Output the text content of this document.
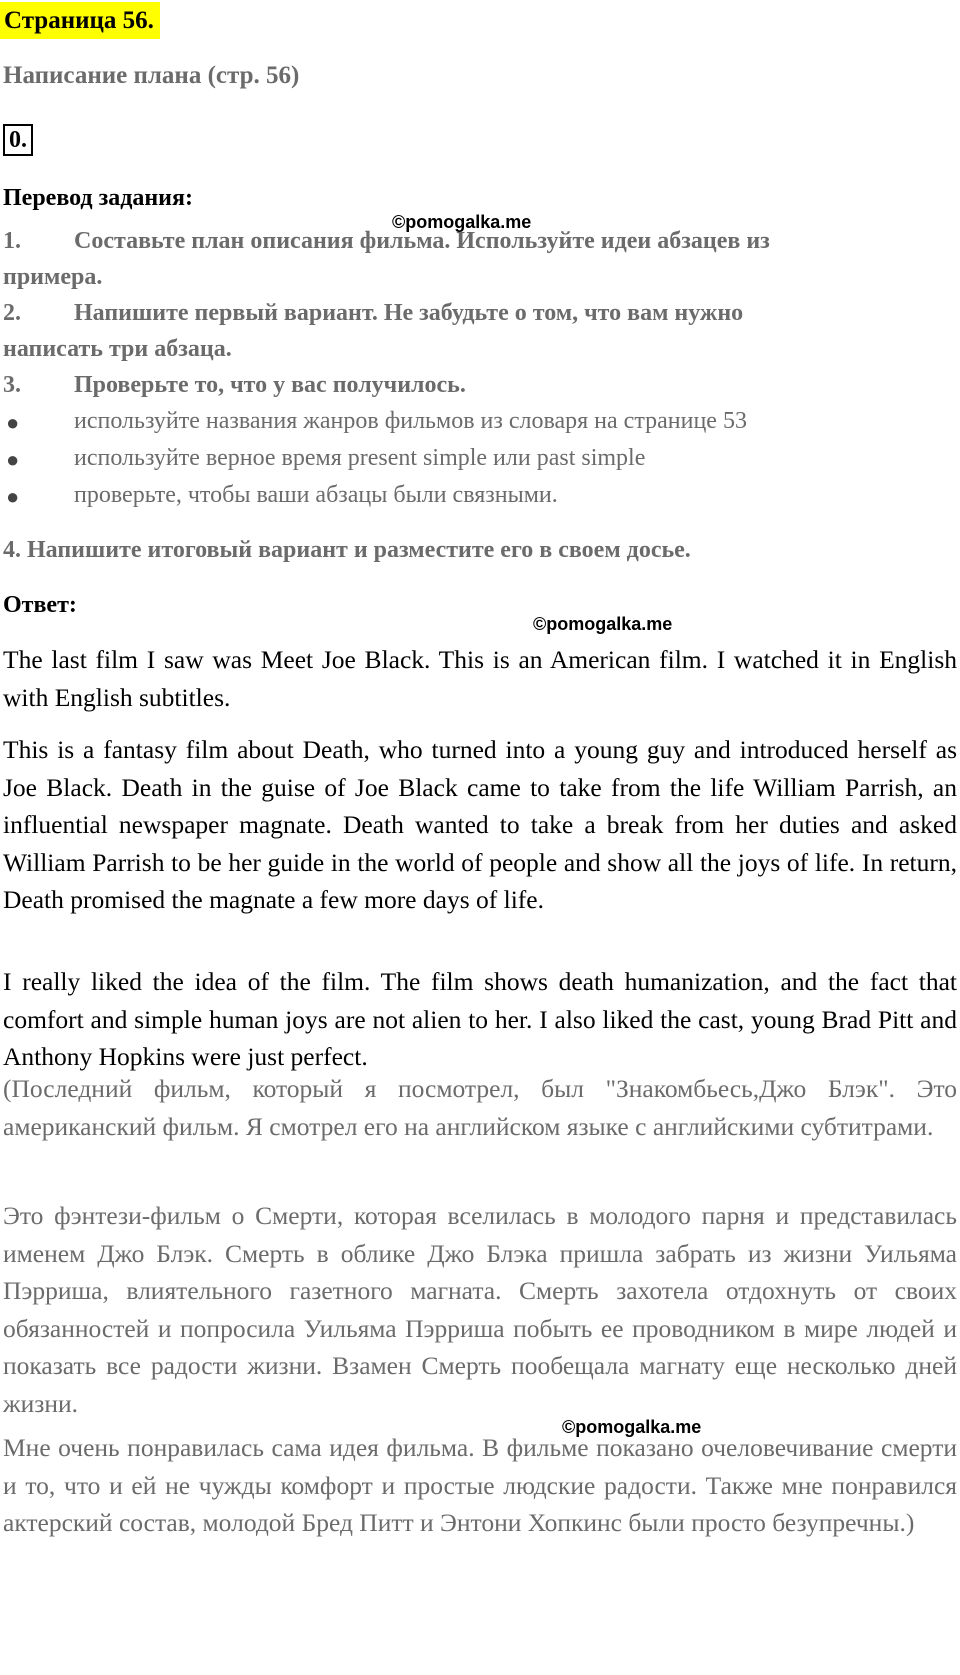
Страница 56.
Написание плана (стр. 56)
0.
Перевод задания:
©pomogalka.me
1. Составьте план описания фильма. Используйте идеи абзацев из
примера.
2. Напишите первый вариант. Не забудьте о том, что вам нужно
написать три абзаца.
3. Проверьте то, что у вас получилось.
● используйте названия жанров фильмов из словаря на странице 53
● используйте верное время present simple или past simple
● проверьте, чтобы ваши абзацы были связными.
4. Напишите итоговый вариант и разместите его в своем досье.
Ответ:
©pomogalka.me

The last film I saw was Meet Joe Black. This is an American film. I watched it in English with English subtitles.

This is a fantasy film about Death, who turned into a young guy and introduced herself as Joe Black. Death in the guise of Joe Black came to take from the life William Parrish, an influential newspaper magnate. Death wanted to take a break from her duties and asked William Parrish to be her guide in the world of people and show all the joys of life. In return, Death promised the magnate a few more days of life.

I really liked the idea of the film. The film shows death humanization, and the fact that comfort and simple human joys are not alien to her. I also liked the cast, young Brad Pitt and Anthony Hopkins were just perfect.

(Последний фильм, который я посмотрел, был "Знакомбьесь,Джо Блэк". Это американский фильм. Я смотрел его на английском языке с английскими субтитрами.

Это фэнтези-фильм о Смерти, которая вселилась в молодого парня и представилась именем Джо Блэк. Смерть в облике Джо Блэка пришла забрать из жизни Уильяма Пэрриша, влиятельного газетного магната. Смерть захотела отдохнуть от своих обязанностей и попросила Уильяма Пэрриша побыть ее проводником в мире людей и показать все радости жизни. Взамен Смерть пообещала магнату еще несколько дней жизни.

©pomogalka.me

Мне очень понравилась сама идея фильма. В фильме показано очеловечивание смерти и то, что и ей не чужды комфорт и простые людские радости. Также мне понравился актерский состав, молодой Бред Питт и Энтони Хопкинс были просто безупречны.)
